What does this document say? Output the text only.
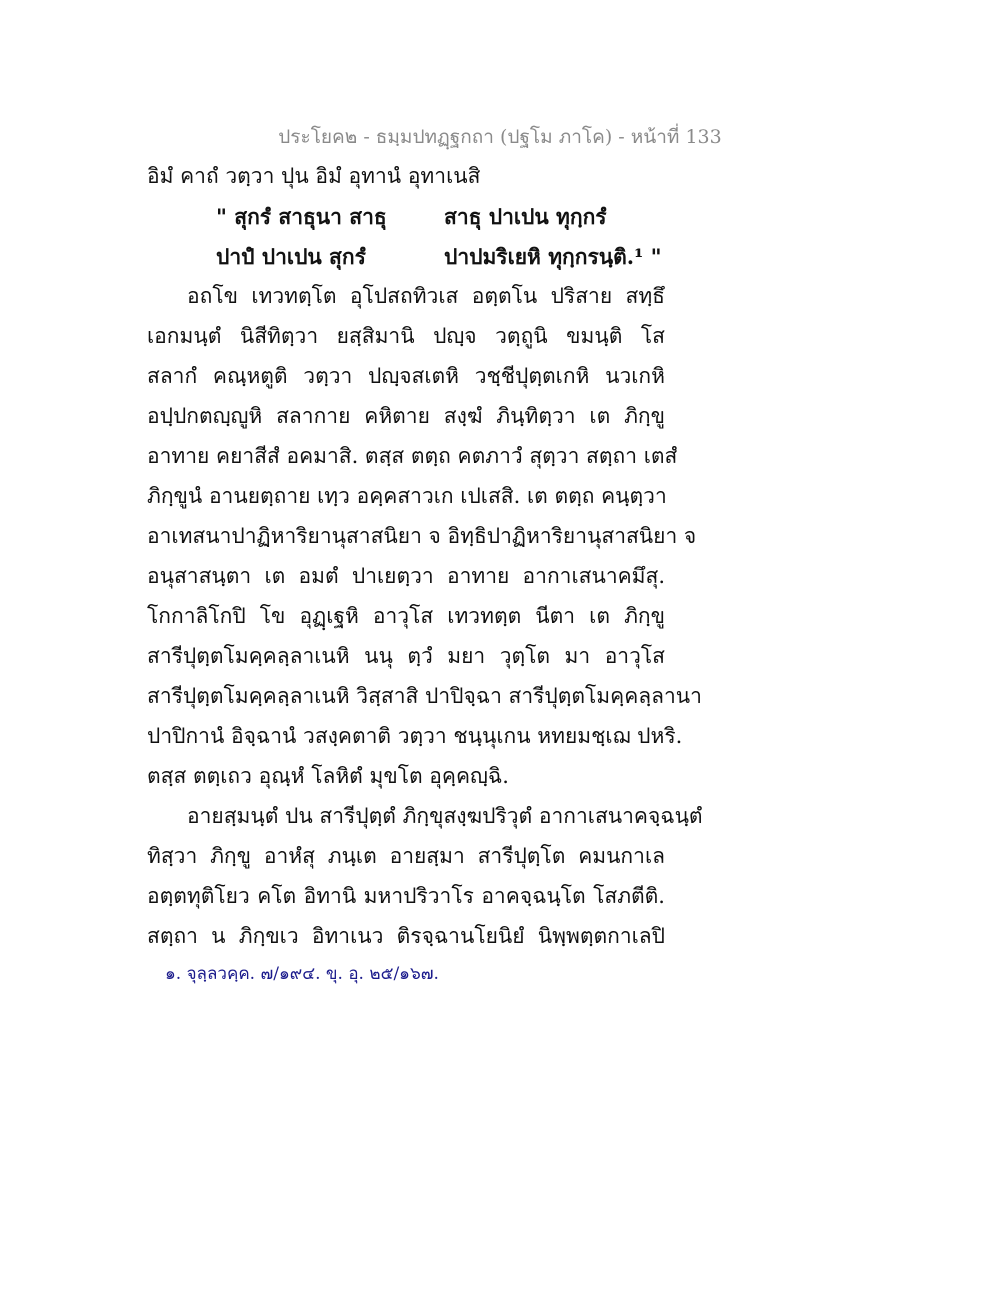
ประโยค๒ - ธมฺมปทฏฺฐกถา (ปฐโม ภาโค) - หน้าที่ 133
อิมํ คาถํ วตฺวา ปุน อิมํ อุทานํ อุทาเนสิ
" สุกรํ สาธุนา สาธุ	สาธุ ปาเปน ทุกฺกรํ
ปาปํ ปาเปน สุกรํ	ปาปมริเยหิ ทุกฺกรนฺติ.¹ "
อถโข เทวทตฺโต อุโปสถทิวเส อตฺตโน ปริสาย สทฺธึ
เอกมนฺตํ นิสีทิตฺวา ยสฺสิมานิ ปญฺจ วตฺถูนิ ขมนฺติ โส
สลากํ คณฺหตูติ วตฺวา ปญฺจสเตหิ วชฺชีปุตฺตเกหิ นวเกหิ
อปฺปกตญฺญูหิ สลากาย คหิตาย สงฺฆํ ภินฺทิตฺวา เต ภิกฺขู
อาทาย คยาสีสํ อคมาสิ. ตสฺส ตตฺถ คตภาวํ สุตฺวา สตฺถา เตสํ
ภิกฺขูนํ อานยตฺถาย เทฺว อคฺคสาวเก เปเสสิ. เต ตตฺถ คนฺตฺวา
อาเทสนาปาฏิหาริยานุสาสนิยา จ อิทฺธิปาฏิหาริยานุสาสนิยา จ
อนุสาสนฺตา เต อมตํ ปาเยตฺวา อาทาย อากาเสนาคมึสุ.
โกกาลิโกปิ โข อุฏฺเฐหิ อาวุโส เทวทตฺต นีตา เต ภิกฺขู
สารีปุตฺตโมคฺคลฺลาเนหิ นนุ ตฺวํ มยา วุตฺโต มา อาวุโส
สารีปุตฺตโมคฺคลฺลาเนหิ วิสฺสาสิ ปาปิจฺฉา สารีปุตฺตโมคฺคลฺลานา
ปาปิกานํ อิจฺฉานํ วสงฺคตาติ วตฺวา ชนฺนุเกน หทยมชฺเฌ ปหริ.
ตสฺส ตตฺเถว อุณฺหํ โลหิตํ มุขโต อุคฺคญฺฉิ.
อายสฺมนฺตํ ปน สารีปุตฺตํ ภิกฺขุสงฺฆปริวุตํ อากาเสนาคจฺฉนฺตํ
ทิสฺวา ภิกฺขู อาหํสุ ภนฺเต อายสฺมา สารีปุตฺโต คมนกาเล
อตฺตทุติโยว คโต อิทานิ มหาปริวาโร อาคจฺฉนฺโต โสภตีติ.
สตฺถา น ภิกฺขเว อิทาเนว ติรจฺฉานโยนิยํ นิพฺพตฺตกาเลปิ
๑. จุลฺลวคฺค. ๗/๑๙๔. ขุ. อุ. ๒๕/๑๖๗.
